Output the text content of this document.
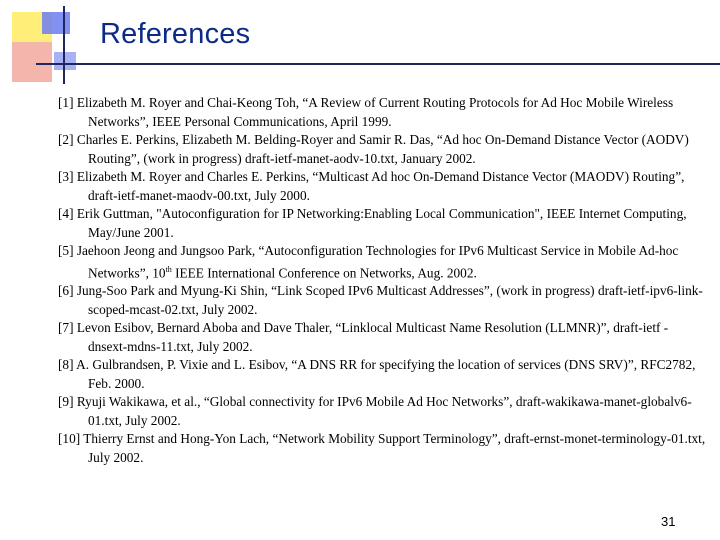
References
[1] Elizabeth M. Royer and Chai-Keong Toh, “A Review of Current Routing Protocols for Ad Hoc Mobile Wireless Networks”, IEEE Personal Communications, April 1999.
[2] Charles E. Perkins, Elizabeth M. Belding-Royer and Samir R. Das, “Ad hoc On-Demand Distance Vector (AODV) Routing”, (work in progress) draft-ietf-manet-aodv-10.txt, January 2002.
[3] Elizabeth M. Royer and Charles E. Perkins, “Multicast Ad hoc On-Demand Distance Vector (MAODV) Routing”, draft-ietf-manet-maodv-00.txt, July 2000.
[4] Erik Guttman, "Autoconfiguration for IP Networking:Enabling Local Communication", IEEE Internet Computing, May/June 2001.
[5] Jaehoon Jeong and Jungsoo Park, “Autoconfiguration Technologies for IPv6 Multicast Service in Mobile Ad-hoc Networks”, 10th IEEE International Conference on Networks, Aug. 2002.
[6] Jung-Soo Park and Myung-Ki Shin, “Link Scoped IPv6 Multicast Addresses”, (work in progress) draft-ietf-ipv6-link-scoped-mcast-02.txt, July 2002.
[7] Levon Esibov, Bernard Aboba and Dave Thaler, “Linklocal Multicast Name Resolution (LLMNR)”, draft-ietf -dnsext-mdns-11.txt, July 2002.
[8] A. Gulbrandsen, P. Vixie and L. Esibov, “A DNS RR for specifying the location of services (DNS SRV)”, RFC2782, Feb. 2000.
[9] Ryuji Wakikawa, et al., “Global connectivity for IPv6 Mobile Ad Hoc Networks”, draft-wakikawa-manet-globalv6-01.txt, July 2002.
[10] Thierry Ernst and Hong-Yon Lach, “Network Mobility Support Terminology”, draft-ernst-monet-terminology-01.txt, July 2002.
31
